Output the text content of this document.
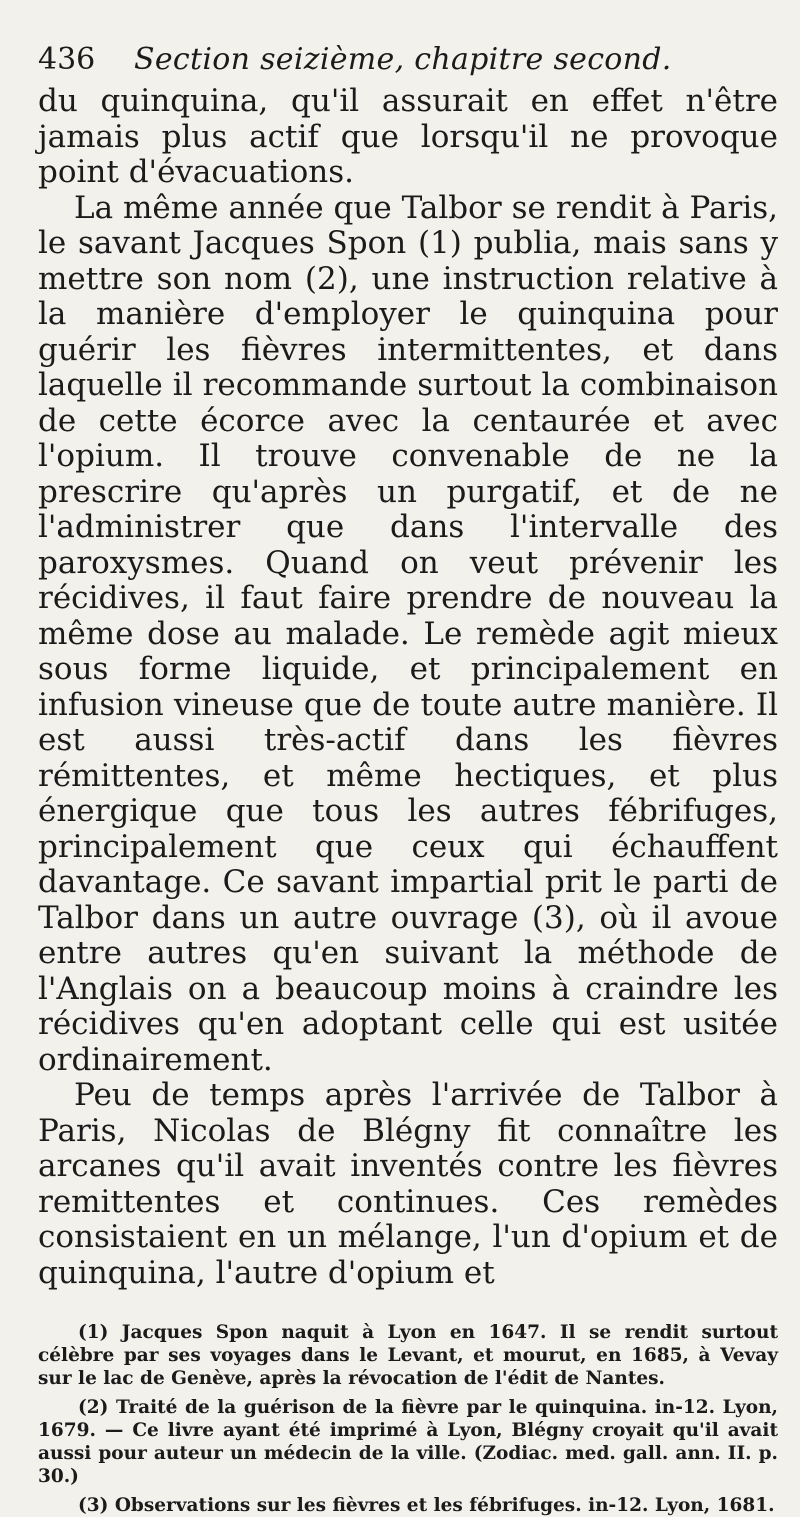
436	Section seizième, chapitre second.

du quinquina, qu'il assurait en effet n'être jamais plus actif que lorsqu'il ne provoque point d'évacuations.

La même année que Talbor se rendit à Paris, le savant Jacques Spon (1) publia, mais sans y mettre son nom (2), une instruction relative à la manière d'employer le quinquina pour guérir les fièvres intermittentes, et dans laquelle il recommande surtout la combinaison de cette écorce avec la centaurée et avec l'opium. Il trouve convenable de ne la prescrire qu'après un purgatif, et de ne l'administrer que dans l'intervalle des paroxysmes. Quand on veut prévenir les récidives, il faut faire prendre de nouveau la même dose au malade. Le remède agit mieux sous forme liquide, et principalement en infusion vineuse que de toute autre manière. Il est aussi très-actif dans les fièvres rémittentes, et même hectiques, et plus énergique que tous les autres fébrifuges, principalement que ceux qui échauffent davantage. Ce savant impartial prit le parti de Talbor dans un autre ouvrage (3), où il avoue entre autres qu'en suivant la méthode de l'Anglais on a beaucoup moins à craindre les récidives qu'en adoptant celle qui est usitée ordinairement.

Peu de temps après l'arrivée de Talbor à Paris, Nicolas de Blégny fit connaître les arcanes qu'il avait inventés contre les fièvres remittentes et continues. Ces remèdes consistaient en un mélange, l'un d'opium et de quinquina, l'autre d'opium et

(1) Jacques Spon naquit à Lyon en 1647. Il se rendit surtout célèbre par ses voyages dans le Levant, et mourut, en 1685, à Vevay sur le lac de Genève, après la révocation de l'édit de Nantes.

(2) Traité de la guérison de la fièvre par le quinquina. in-12. Lyon, 1679. — Ce livre ayant été imprimé à Lyon, Blégny croyait qu'il avait aussi pour auteur un médecin de la ville. (Zodiac. med. gall. ann. II. p. 30.)

(3) Observations sur les fièvres et les fébrifuges. in-12. Lyon, 1681.
